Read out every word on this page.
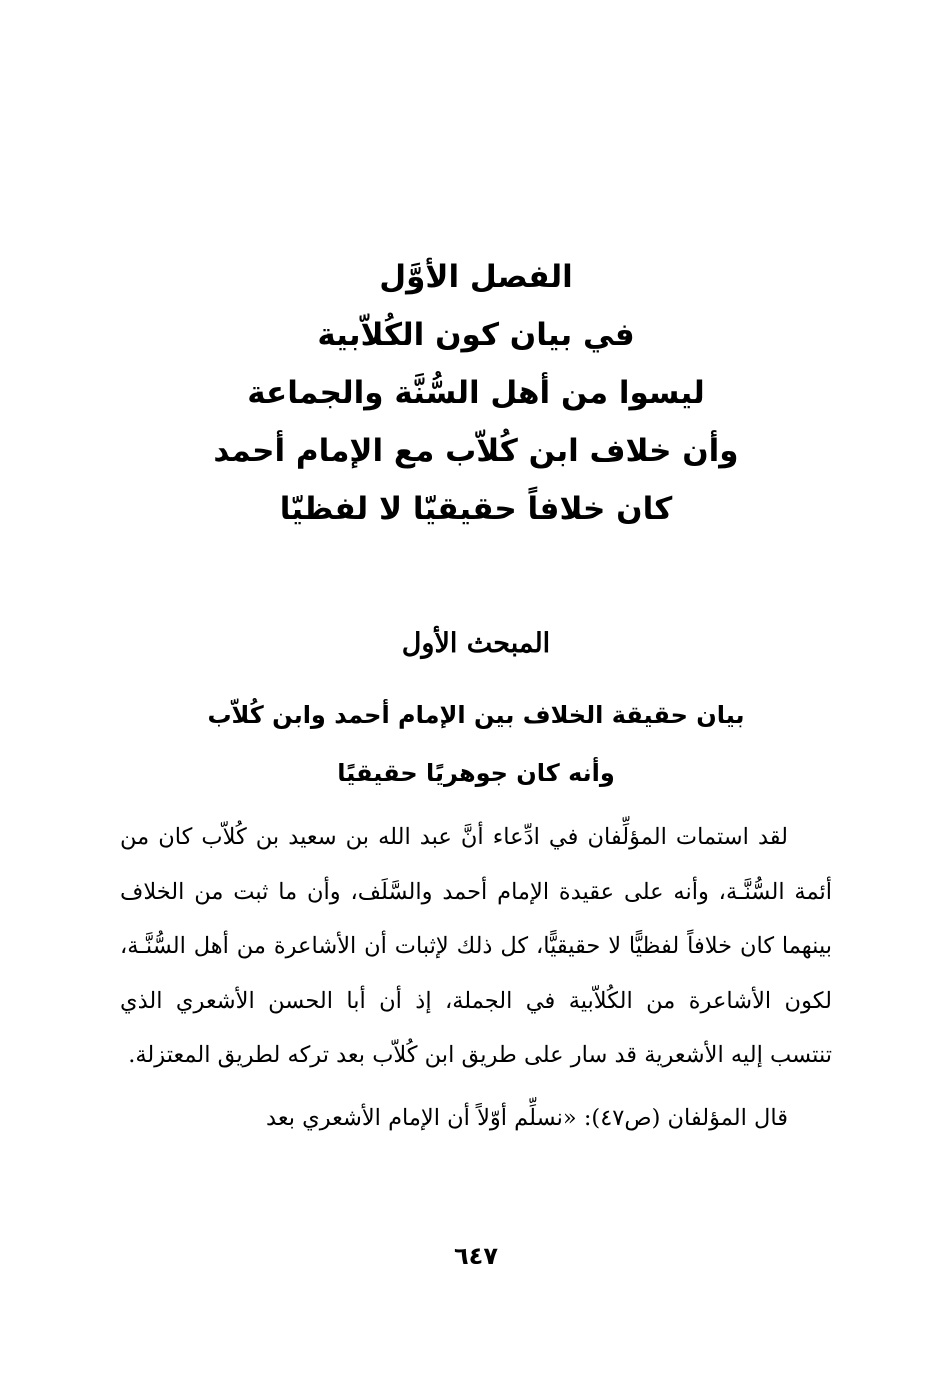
الفصل الأوَّل
في بيان كون الكُلاّبية
ليسوا من أهل السُّنَّة والجماعة
وأن خلاف ابن كُلاّب مع الإمام أحمد
كان خلافاً حقيقيّا لا لفظيّا
المبحث الأول
بيان حقيقة الخلاف بين الإمام أحمد وابن كُلاّب
وأنه كان جوهريًا حقيقيًا

لقد استمات المؤلِّفان في ادِّعاء أنَّ عبد الله بن سعيد بن كُلاّب كان من أئمة السُّنَّـة، وأنه على عقيدة الإمام أحمد والسَّلَف، وأن ما ثبت من الخلاف بينهما كان خلافاً لفظيًّا لا حقيقيًّا، كل ذلك لإثبات أن الأشاعرة من أهل السُّنَّـة، لكون الأشاعرة من الكُلاّبية في الجملة، إذ أن أبا الحسن الأشعري الذي تنتسب إليه الأشعرية قد سار على طريق ابن كُلاّب بعد تركه لطريق المعتزلة.

قال المؤلفان (ص٤٧): «نسلِّم أوّلاً أن الإمام الأشعري بعد

٦٤٧
